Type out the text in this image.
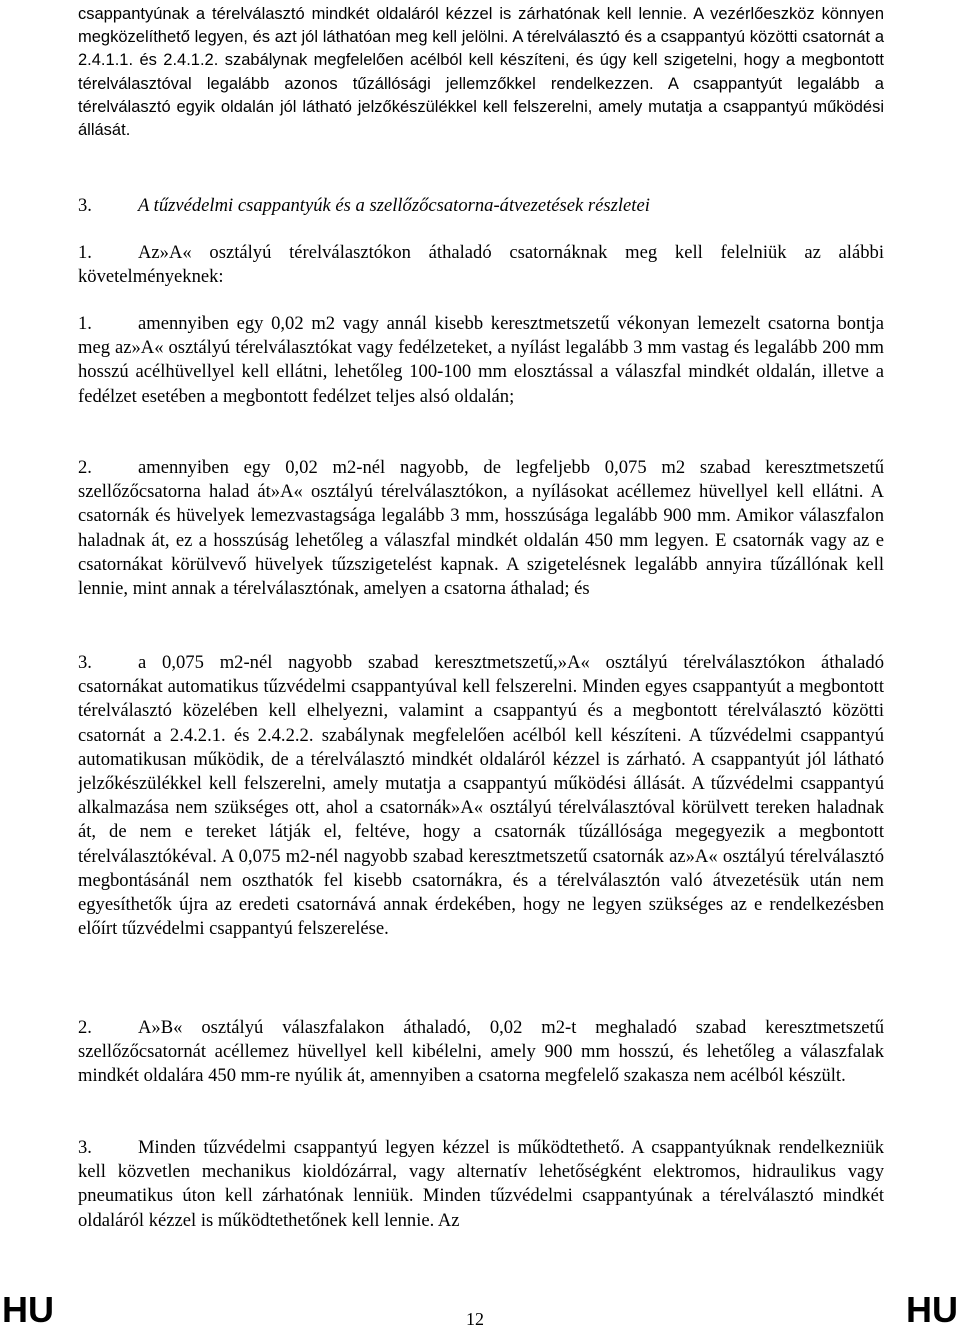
csappantyúnak a térelválasztó mindkét oldaláról kézzel is zárhatónak kell lennie. A vezérlőeszköz könnyen megközelíthető legyen, és azt jól láthatóan meg kell jelölni. A térelválasztó és a csappantyú közötti csatornát a 2.4.1.1. és 2.4.1.2. szabálynak megfelelően acélból kell készíteni, és úgy kell szigetelni, hogy a megbontott térelválasztóval legalább azonos tűzállósági jellemzőkkel rendelkezzen. A csappantyút legalább a térelválasztó egyik oldalán jól látható jelzőkészülékkel kell felszerelni, amely mutatja a csappantyú működési állását.

3. A tűzvédelmi csappantyúk és a szellőzőcsatorna-átvezetések részletei

1. Az»A« osztályú térelválasztókon áthaladó csatornáknak meg kell felelniük az alábbi követelményeknek:

1. amennyiben egy 0,02 m2 vagy annál kisebb keresztmetszetű vékonyan lemezelt csatorna bontja meg az»A« osztályú térelválasztókat vagy fedélzeteket, a nyílást legalább 3 mm vastag és legalább 200 mm hosszú acélhüvellyel kell ellátni, lehetőleg 100-100 mm elosztással a válaszfal mindkét oldalán, illetve a fedélzet esetében a megbontott fedélzet teljes alsó oldalán;

2. amennyiben egy 0,02 m2-nél nagyobb, de legfeljebb 0,075 m2 szabad keresztmetszetű szellőzőcsatorna halad át»A« osztályú térelválasztókon, a nyílásokat acéllemez hüvellyel kell ellátni. A csatornák és hüvelyek lemezvastagsága legalább 3 mm, hosszúsága legalább 900 mm. Amikor válaszfalon haladnak át, ez a hosszúság lehetőleg a válaszfal mindkét oldalán 450 mm legyen. E csatornák vagy az e csatornákat körülvevő hüvelyek tűzszigetelést kapnak. A szigetelésnek legalább annyira tűzállónak kell lennie, mint annak a térelválasztónak, amelyen a csatorna áthalad; és

3. a 0,075 m2-nél nagyobb szabad keresztmetszetű,»A« osztályú térelválasztókon áthaladó csatornákat automatikus tűzvédelmi csappantyúval kell felszerelni. Minden egyes csappantyút a megbontott térelválasztó közelében kell elhelyezni, valamint a csappantyú és a megbontott térelválasztó közötti csatornát a 2.4.2.1. és 2.4.2.2. szabálynak megfelelően acélból kell készíteni. A tűzvédelmi csappantyú automatikusan működik, de a térelválasztó mindkét oldaláról kézzel is zárható. A csappantyút jól látható jelzőkészülékkel kell felszerelni, amely mutatja a csappantyú működési állását. A tűzvédelmi csappantyú alkalmazása nem szükséges ott, ahol a csatornák»A« osztályú térelválasztóval körülvett tereken haladnak át, de nem e tereket látják el, feltéve, hogy a csatornák tűzállósága megegyezik a megbontott térelválasztókéval. A 0,075 m2-nél nagyobb szabad keresztmetszetű csatornák az»A« osztályú térelválasztó megbontásánál nem oszthatók fel kisebb csatornákra, és a térelválasztón való átvezetésük után nem egyesíthetők újra az eredeti csatornává annak érdekében, hogy ne legyen szükséges az e rendelkezésben előírt tűzvédelmi csappantyú felszerelése.

2. A»B« osztályú válaszfalakon áthaladó, 0,02 m2-t meghaladó szabad keresztmetszetű szellőzőcsatornát acéllemez hüvellyel kell kibélelni, amely 900 mm hosszú, és lehetőleg a válaszfalak mindkét oldalára 450 mm-re nyúlik át, amennyiben a csatorna megfelelő szakasza nem acélból készült.

3. Minden tűzvédelmi csappantyú legyen kézzel is működtethető. A csappantyúknak rendelkezniük kell közvetlen mechanikus kioldózárral, vagy alternatív lehetőségként elektromos, hidraulikus vagy pneumatikus úton kell zárhatónak lenniük. Minden tűzvédelmi csappantyúnak a térelválasztó mindkét oldaláról kézzel is működtethetőnek kell lennie. Az

HU	12	HU
